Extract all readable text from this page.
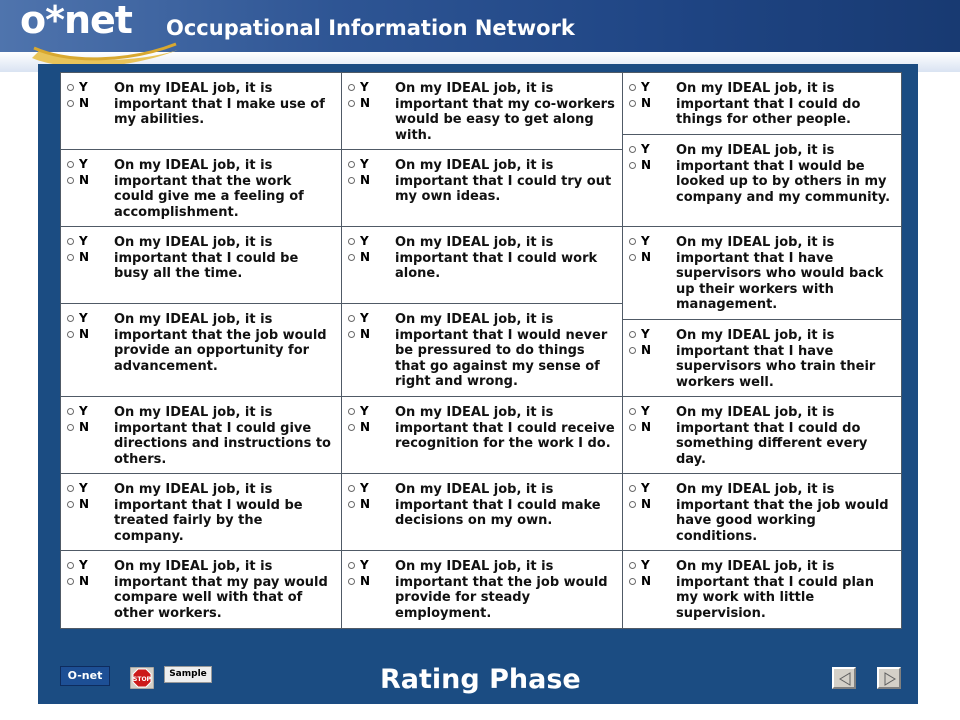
o*net Occupational Information Network
Y
N
On my IDEAL job, it is important that I make use of my abilities.
Y
N
On my IDEAL job, it is important that the work could give me a feeling of accomplishment.
Y
N
On my IDEAL job, it is important that I could be busy all the time.
Y
N
On my IDEAL job, it is important that the job would provide an opportunity for advancement.
Y
N
On my IDEAL job, it is important that I could give directions and instructions to others.
Y
N
On my IDEAL job, it is important that I would be treated fairly by the company.
Y
N
On my IDEAL job, it is important that my pay would compare well with that of other workers.
Y
N
On my IDEAL job, it is important that my co-workers would be easy to get along with.
Y
N
On my IDEAL job, it is important that I could try out my own ideas.
Y
N
On my IDEAL job, it is important that I could work alone.
Y
N
On my IDEAL job, it is important that I would never be pressured to do things that go against my sense of right and wrong.
Y
N
On my IDEAL job, it is important that I could receive recognition for the work I do.
Y
N
On my IDEAL job, it is important that I could make decisions on my own.
Y
N
On my IDEAL job, it is important that the job would provide for steady employment.
Y
N
On my IDEAL job, it is important that I could do things for other people.
Y
N
On my IDEAL job, it is important that I would be looked up to by others in my company and my community.
Y
N
On my IDEAL job, it is important that I have supervisors who would back up their workers with management.
Y
N
On my IDEAL job, it is important that I have supervisors who train their workers well.
Y
N
On my IDEAL job, it is important that I could do something different every day.
Y
N
On my IDEAL job, it is important that the job would have good working conditions.
Y
N
On my IDEAL job, it is important that I could plan my work with little supervision.
O-net	STOP
Sample	Rating Phase
